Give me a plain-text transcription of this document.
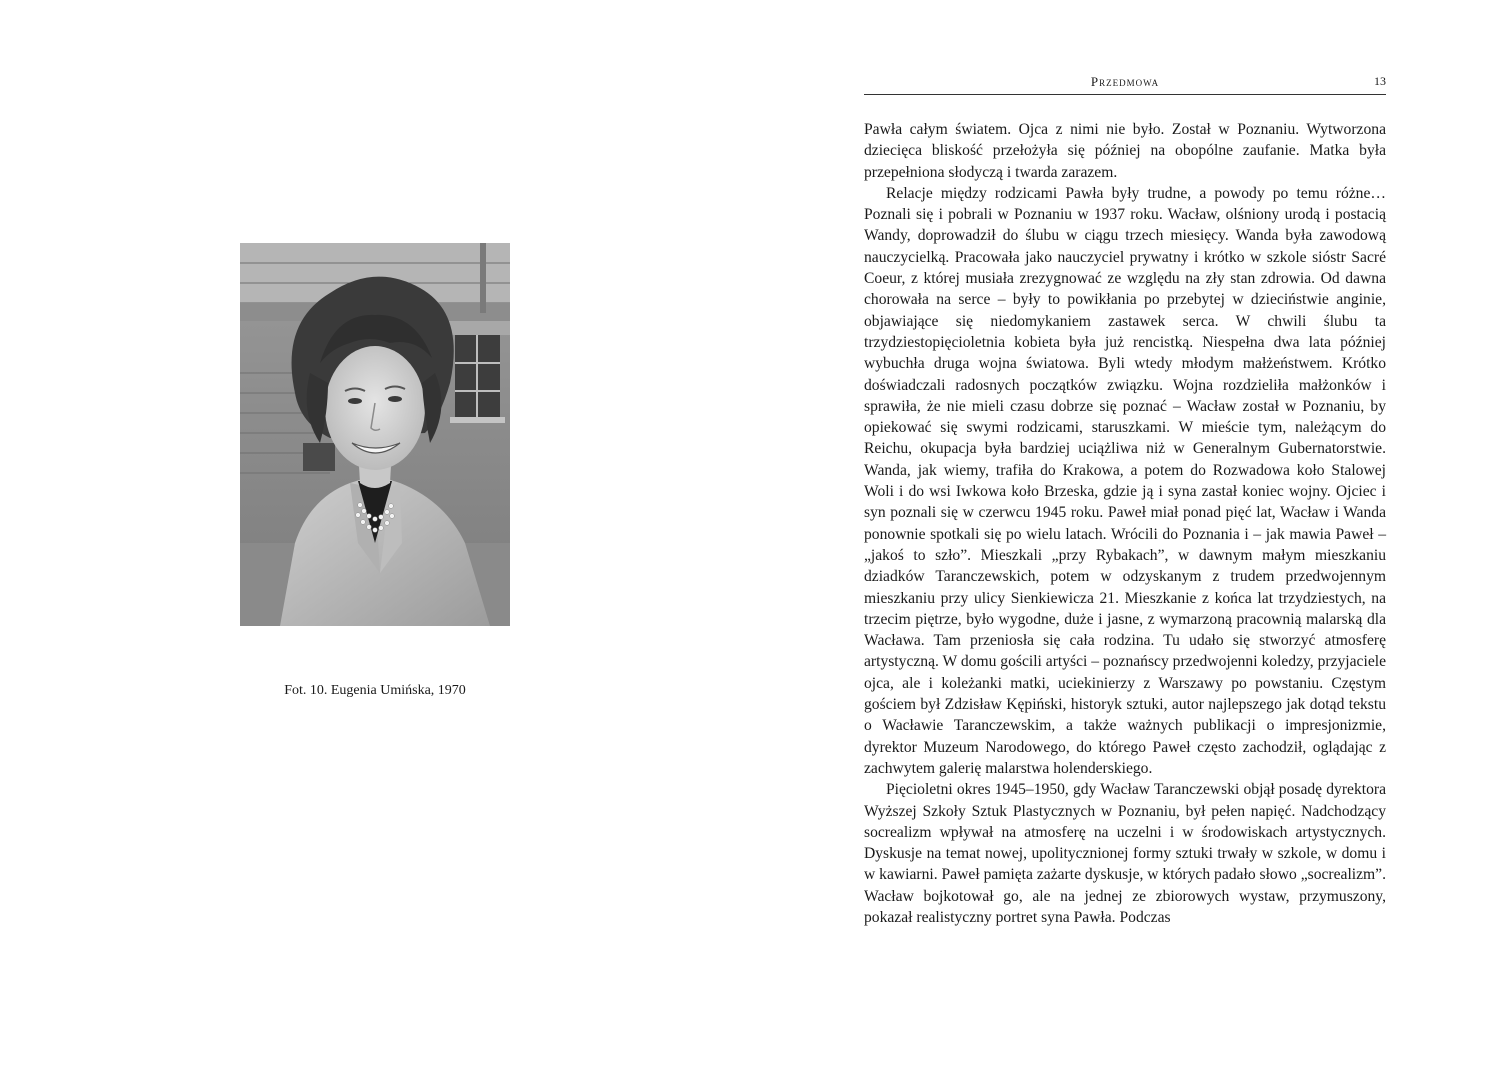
Fot. 10. Eugenia Umińska, 1970
Przedmowa	13

Pawła całym światem. Ojca z nimi nie było. Został w Poznaniu. Wytworzona dziecięca bliskość przełożyła się później na obopólne zaufanie. Matka była przepełniona słodyczą i twarda zarazem.

Relacje między rodzicami Pawła były trudne, a powody po temu różne… Poznali się i pobrali w Poznaniu w 1937 roku. Wacław, olśniony urodą i postacią Wandy, doprowadził do ślubu w ciągu trzech miesięcy. Wanda była zawodową nauczycielką. Pracowała jako nauczyciel prywatny i krótko w szkole sióstr Sacré Coeur, z której musiała zrezygnować ze względu na zły stan zdrowia. Od dawna chorowała na serce – były to powikłania po przebytej w dzieciństwie anginie, objawiające się niedomykaniem zastawek serca. W chwili ślubu ta trzydziestopięcioletnia kobieta była już rencistką. Niespełna dwa lata później wybuchła druga wojna światowa. Byli wtedy młodym małżeństwem. Krótko doświadczali radosnych początków związku. Wojna rozdzieliła małżonków i sprawiła, że nie mieli czasu dobrze się poznać – Wacław został w Poznaniu, by opiekować się swymi rodzicami, staruszkami. W mieście tym, należącym do Reichu, okupacja była bardziej uciążliwa niż w Generalnym Gubernatorstwie. Wanda, jak wiemy, trafiła do Krakowa, a potem do Rozwadowa koło Stalowej Woli i do wsi Iwkowa koło Brzeska, gdzie ją i syna zastał koniec wojny. Ojciec i syn poznali się w czerwcu 1945 roku. Paweł miał ponad pięć lat, Wacław i Wanda ponownie spotkali się po wielu latach. Wrócili do Poznania i – jak mawia Paweł – „jakoś to szło”. Mieszkali „przy Rybakach”, w dawnym małym mieszkaniu dziadków Taranczewskich, potem w odzyskanym z trudem przedwojennym mieszkaniu przy ulicy Sienkiewicza 21. Mieszkanie z końca lat trzydziestych, na trzecim piętrze, było wygodne, duże i jasne, z wymarzoną pracownią malarską dla Wacława. Tam przeniosła się cała rodzina. Tu udało się stworzyć atmosferę artystyczną. W domu gościli artyści – poznańscy przedwojenni koledzy, przyjaciele ojca, ale i koleżanki matki, uciekinierzy z Warszawy po powstaniu. Częstym gościem był Zdzisław Kępiński, historyk sztuki, autor najlepszego jak dotąd tekstu o Wacławie Taranczewskim, a także ważnych publikacji o impresjonizmie, dyrektor Muzeum Narodowego, do którego Paweł często zachodził, oglądając z zachwytem galerię malarstwa holenderskiego.

Pięcioletni okres 1945–1950, gdy Wacław Taranczewski objął posadę dyrektora Wyższej Szkoły Sztuk Plastycznych w Poznaniu, był pełen napięć. Nadchodzący socrealizm wpływał na atmosferę na uczelni i w środowiskach artystycznych. Dyskusje na temat nowej, upolitycznionej formy sztuki trwały w szkole, w domu i w kawiarni. Paweł pamięta zażarte dyskusje, w których padało słowo „socrealizm”. Wacław bojkotował go, ale na jednej ze zbiorowych wystaw, przymuszony, pokazał realistyczny portret syna Pawła. Podczas
